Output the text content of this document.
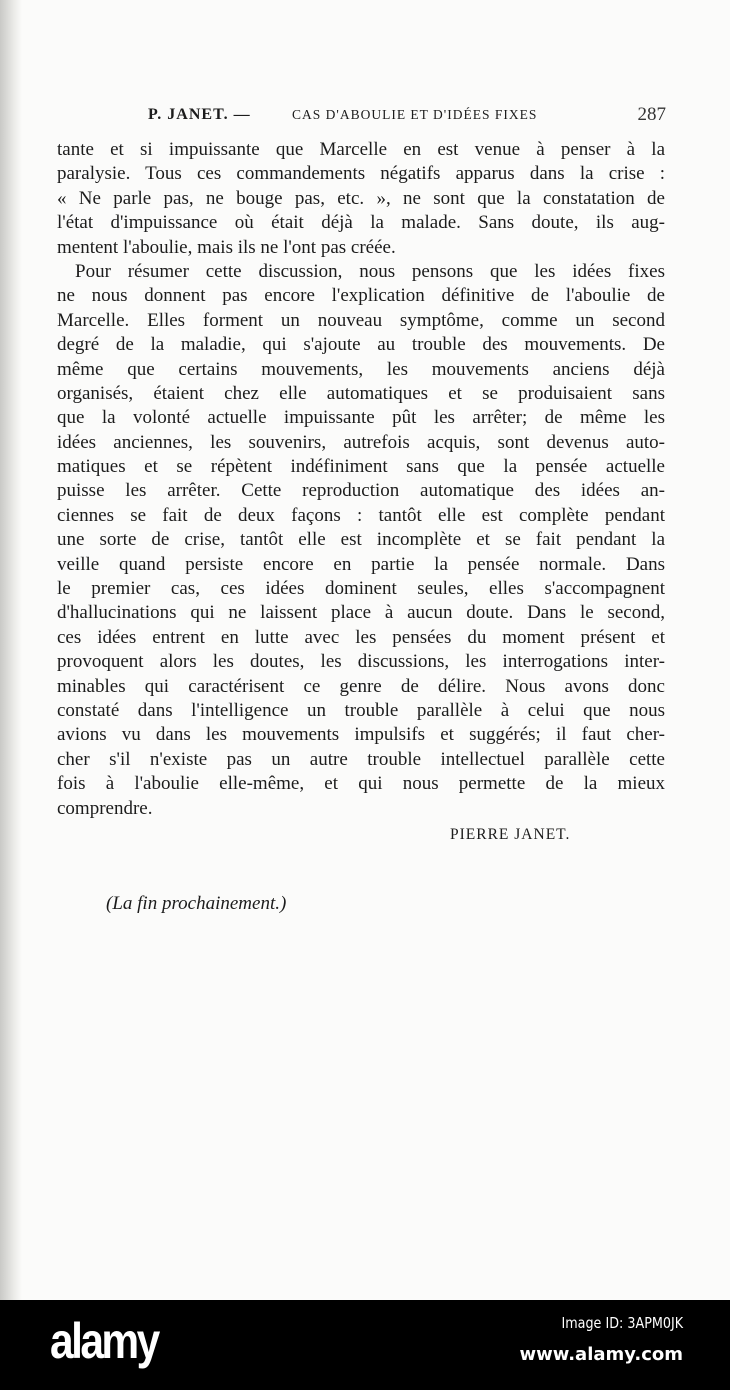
P. JANET. —	CAS D'ABOULIE ET D'IDÉES FIXES	287
tante et si impuissante que Marcelle en est venue à penser à la
paralysie. Tous ces commandements négatifs apparus dans la crise :
« Ne parle pas, ne bouge pas, etc. », ne sont que la constatation de
l'état d'impuissance où était déjà la malade. Sans doute, ils aug-
mentent l'aboulie, mais ils ne l'ont pas créée.
Pour résumer cette discussion, nous pensons que les idées fixes
ne nous donnent pas encore l'explication définitive de l'aboulie de
Marcelle. Elles forment un nouveau symptôme, comme un second
degré de la maladie, qui s'ajoute au trouble des mouvements. De
même que certains mouvements, les mouvements anciens déjà
organisés, étaient chez elle automatiques et se produisaient sans
que la volonté actuelle impuissante pût les arrêter; de même les
idées anciennes, les souvenirs, autrefois acquis, sont devenus auto-
matiques et se répètent indéfiniment sans que la pensée actuelle
puisse les arrêter. Cette reproduction automatique des idées an-
ciennes se fait de deux façons : tantôt elle est complète pendant
une sorte de crise, tantôt elle est incomplète et se fait pendant la
veille quand persiste encore en partie la pensée normale. Dans
le premier cas, ces idées dominent seules, elles s'accompagnent
d'hallucinations qui ne laissent place à aucun doute. Dans le second,
ces idées entrent en lutte avec les pensées du moment présent et
provoquent alors les doutes, les discussions, les interrogations inter-
minables qui caractérisent ce genre de délire. Nous avons donc
constaté dans l'intelligence un trouble parallèle à celui que nous
avions vu dans les mouvements impulsifs et suggérés; il faut cher-
cher s'il n'existe pas un autre trouble intellectuel parallèle cette
fois à l'aboulie elle-même, et qui nous permette de la mieux
comprendre.
PIERRE JANET.
(La fin prochainement.)
alamy	Image ID: 3APM0JK
www.alamy.com
